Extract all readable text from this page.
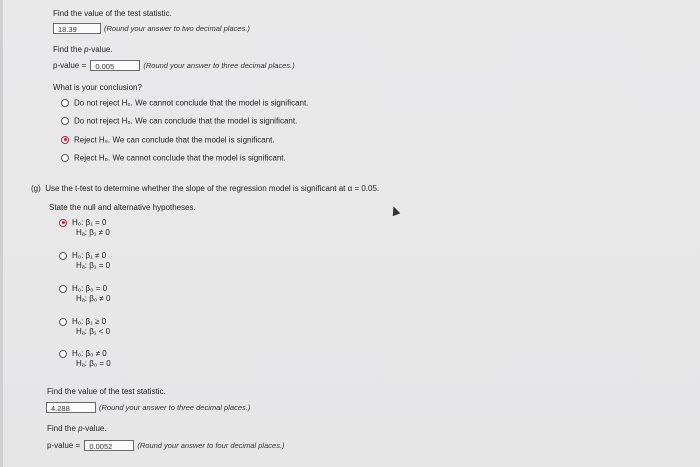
Find the value of the test statistic.
18.39	(Round your answer to two decimal places.)
Find the p-value.
p-value = 0.005	(Round your answer to three decimal places.)
What is your conclusion?
Do not reject H₀. We cannot conclude that the model is significant.
Do not reject H₀. We can conclude that the model is significant.
Reject H₀. We can conclude that the model is significant.
Reject H₀. We cannot conclude that the model is significant.
(g) Use the t-test to determine whether the slope of the regression model is significant at α = 0.05.
State the null and alternative hypotheses.
H₀: β₁ = 0
Hₐ: β₁ ≠ 0
H₀: β₁ ≠ 0
Hₐ: β₁ = 0
H₀: β₀ = 0
Hₐ: β₀ ≠ 0
H₀: β₁ ≥ 0
Hₐ: β₁ < 0
H₀: β₀ ≠ 0
Hₐ: β₀ = 0
Find the value of the test statistic.
4.288	(Round your answer to three decimal places.)
Find the p-value.
p-value = 0.0052	(Round your answer to four decimal places.)
